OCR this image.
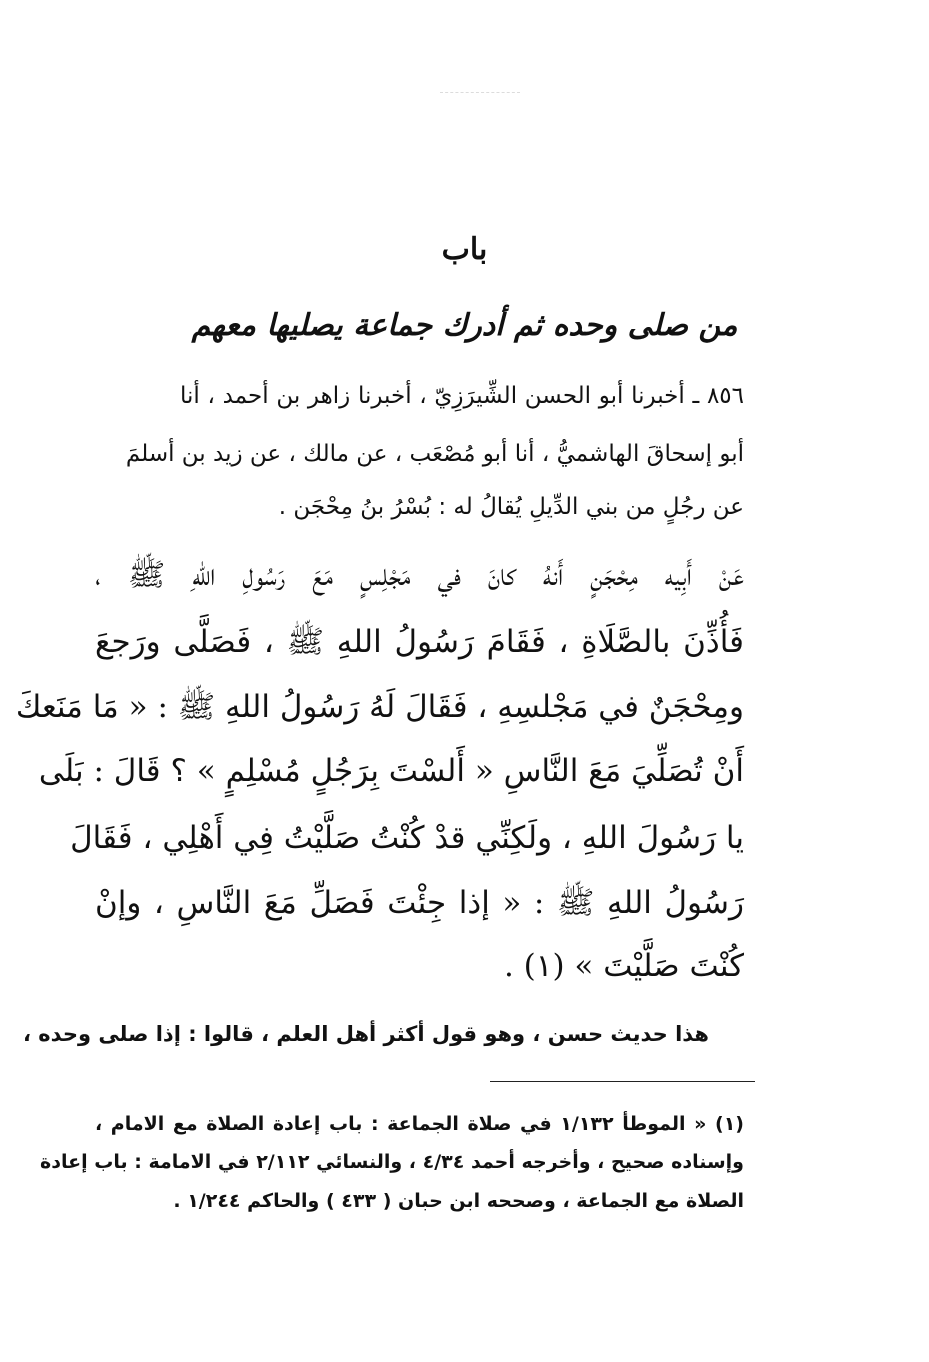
باب
من صلى وحده ثم أدرك جماعة يصليها معهم
٨٥٦ ـ أخبرنا أبو الحسن الشِّيرَزِيّ ، أخبرنا زاهر بن أحمد ، أنا
أبو إسحاقَ الهاشميُّ ، أنا أبو مُصْعَب ، عن مالك ، عن زيد بن أسلمَ
عن رجُلٍ من بني الدِّيلِ يُقالُ له : بُسْرُ بنُ مِحْجَن .
عَنْ أَبِيه مِحْجَنٍ أَنهُ كانَ في مَجْلِسٍ مَعَ رَسُولِ اللهِ ﷺ ،
فَأُذِّنَ بالصَّلَاةِ ، فَقَامَ رَسُولُ اللهِ ﷺ ، فَصَلَّى ورَجعَ
ومِحْجَنٌ في مَجْلسِهِ ، فَقَالَ لَهُ رَسُولُ اللهِ ﷺ : « مَا مَنَعكَ
أَنْ تُصَلِّيَ مَعَ النَّاسِ « أَلسْتَ بِرَجُلٍ مُسْلِمٍ » ؟ قَالَ : بَلَى
يا رَسُولَ اللهِ ، ولَكِنِّي قدْ كُنْتُ صَلَّيْتُ فِي أَهْلِي ، فَقَالَ
رَسُولُ اللهِ ﷺ : « إذا جِئْتَ فَصَلِّ مَعَ النَّاسِ ، وإنْ
كُنْتَ صَلَّيْتَ » (١) .
هذا حديث حسن ، وهو قول أكثر أهل العلم ، قالوا : إذا صلى وحده ،
(١) « الموطأ ١/١٣٢ في صلاة الجماعة : باب إعادة الصلاة مع الامام ،
وإسناده صحيح ، وأخرجه أحمد ٤/٣٤ ، والنسائي ٢/١١٢ في الامامة : باب إعادة
الصلاة مع الجماعة ، وصححه ابن حبان ( ٤٣٣ ) والحاكم ١/٢٤٤ .
